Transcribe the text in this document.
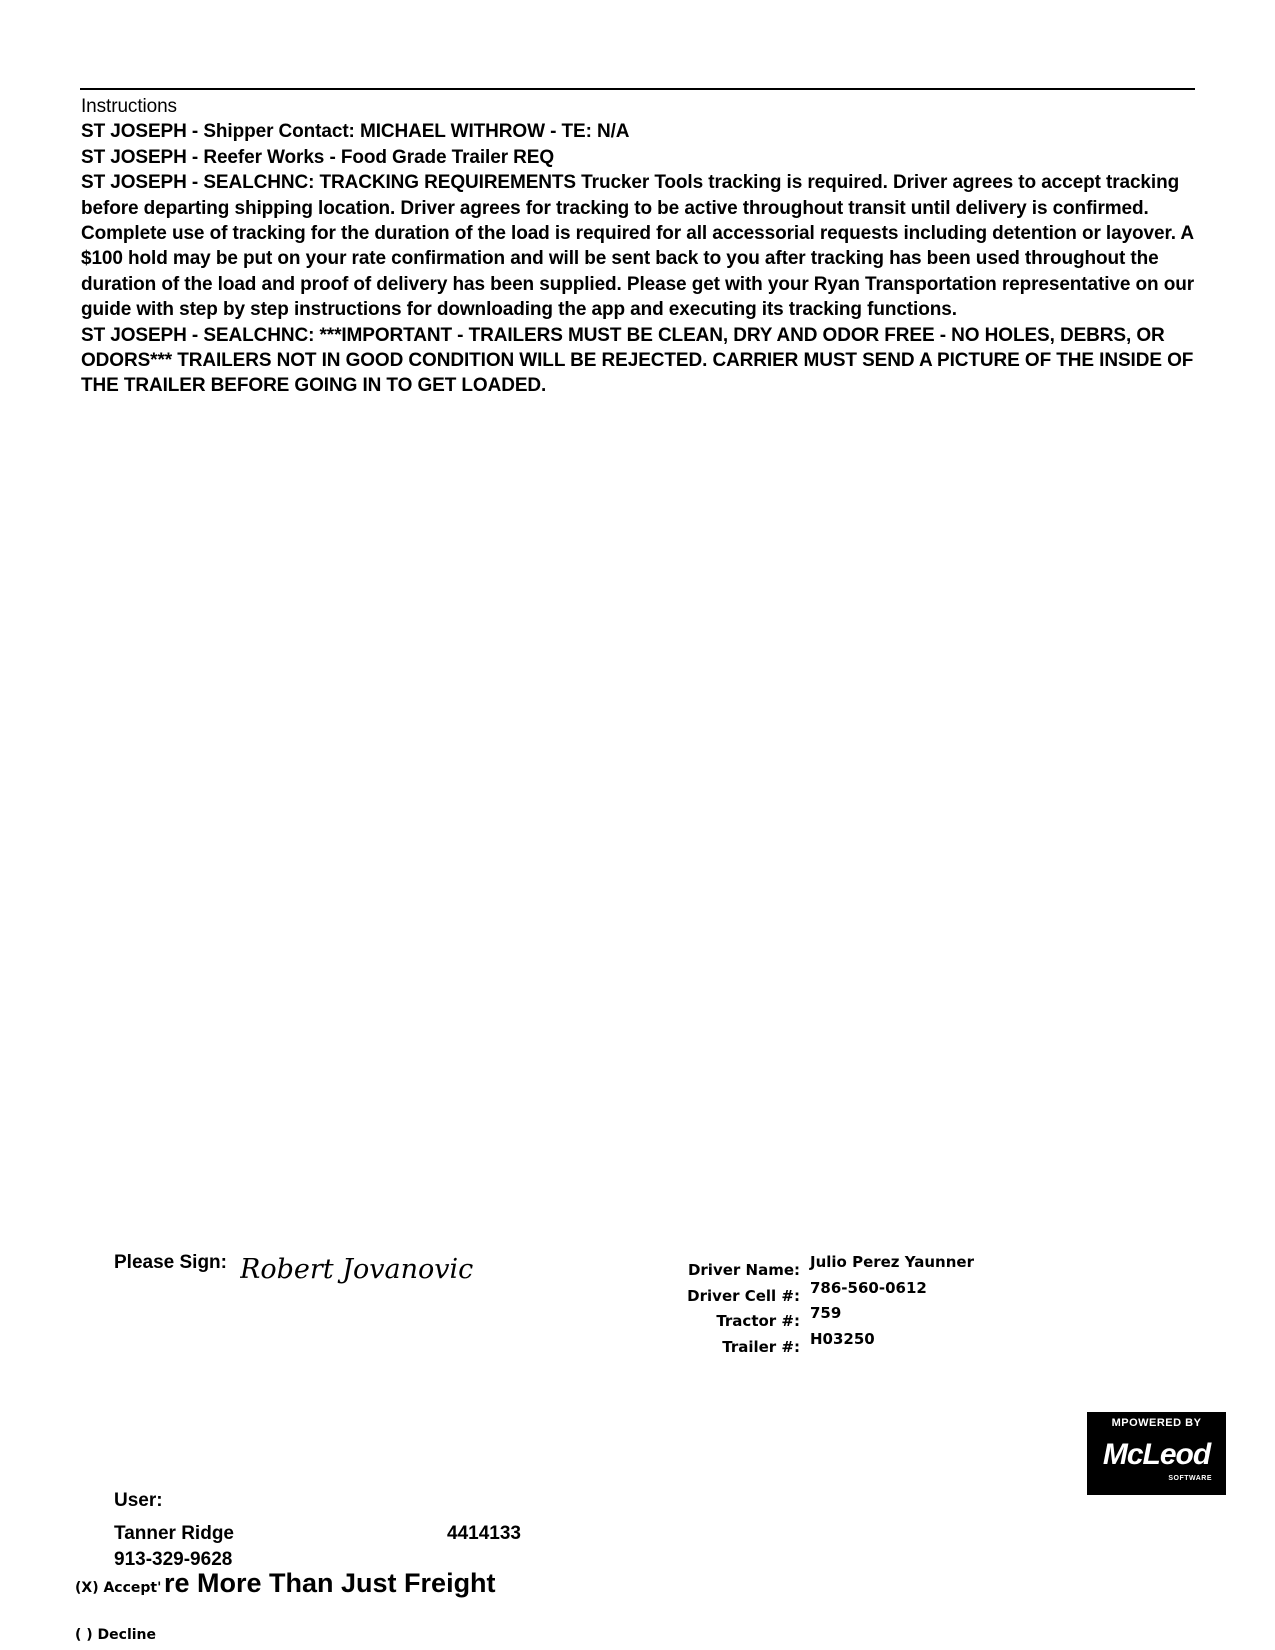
Instructions
ST JOSEPH - Shipper Contact: MICHAEL WITHROW - TE: N/A
ST JOSEPH - Reefer Works - Food Grade Trailer REQ
ST JOSEPH - SEALCHNC: TRACKING REQUIREMENTS Trucker Tools tracking is required. Driver agrees to accept tracking before departing shipping location. Driver agrees for tracking to be active throughout transit until delivery is confirmed. Complete use of tracking for the duration of the load is required for all accessorial requests including detention or layover. A $100 hold may be put on your rate confirmation and will be sent back to you after tracking has been used throughout the duration of the load and proof of delivery has been supplied. Please get with your Ryan Transportation representative on our guide with step by step instructions for downloading the app and executing its tracking functions.
ST JOSEPH - SEALCHNC: ***IMPORTANT - TRAILERS MUST BE CLEAN, DRY AND ODOR FREE - NO HOLES, DEBRS, OR ODORS*** TRAILERS NOT IN GOOD CONDITION WILL BE REJECTED. CARRIER MUST SEND A PICTURE OF THE INSIDE OF THE TRAILER BEFORE GOING IN TO GET LOADED.
Please Sign: Robert Jovanovic	Driver Name: Julio Perez Yaunner
Driver Cell #: 786-560-0612
Tractor #: 759
Trailer #: H03250
MPOWERED BY
McLeod
SOFTWARE
User:
Tanner Ridge	4414133
913-329-9628
re More Than Just Freight
(X) Accept'
( ) Decline
